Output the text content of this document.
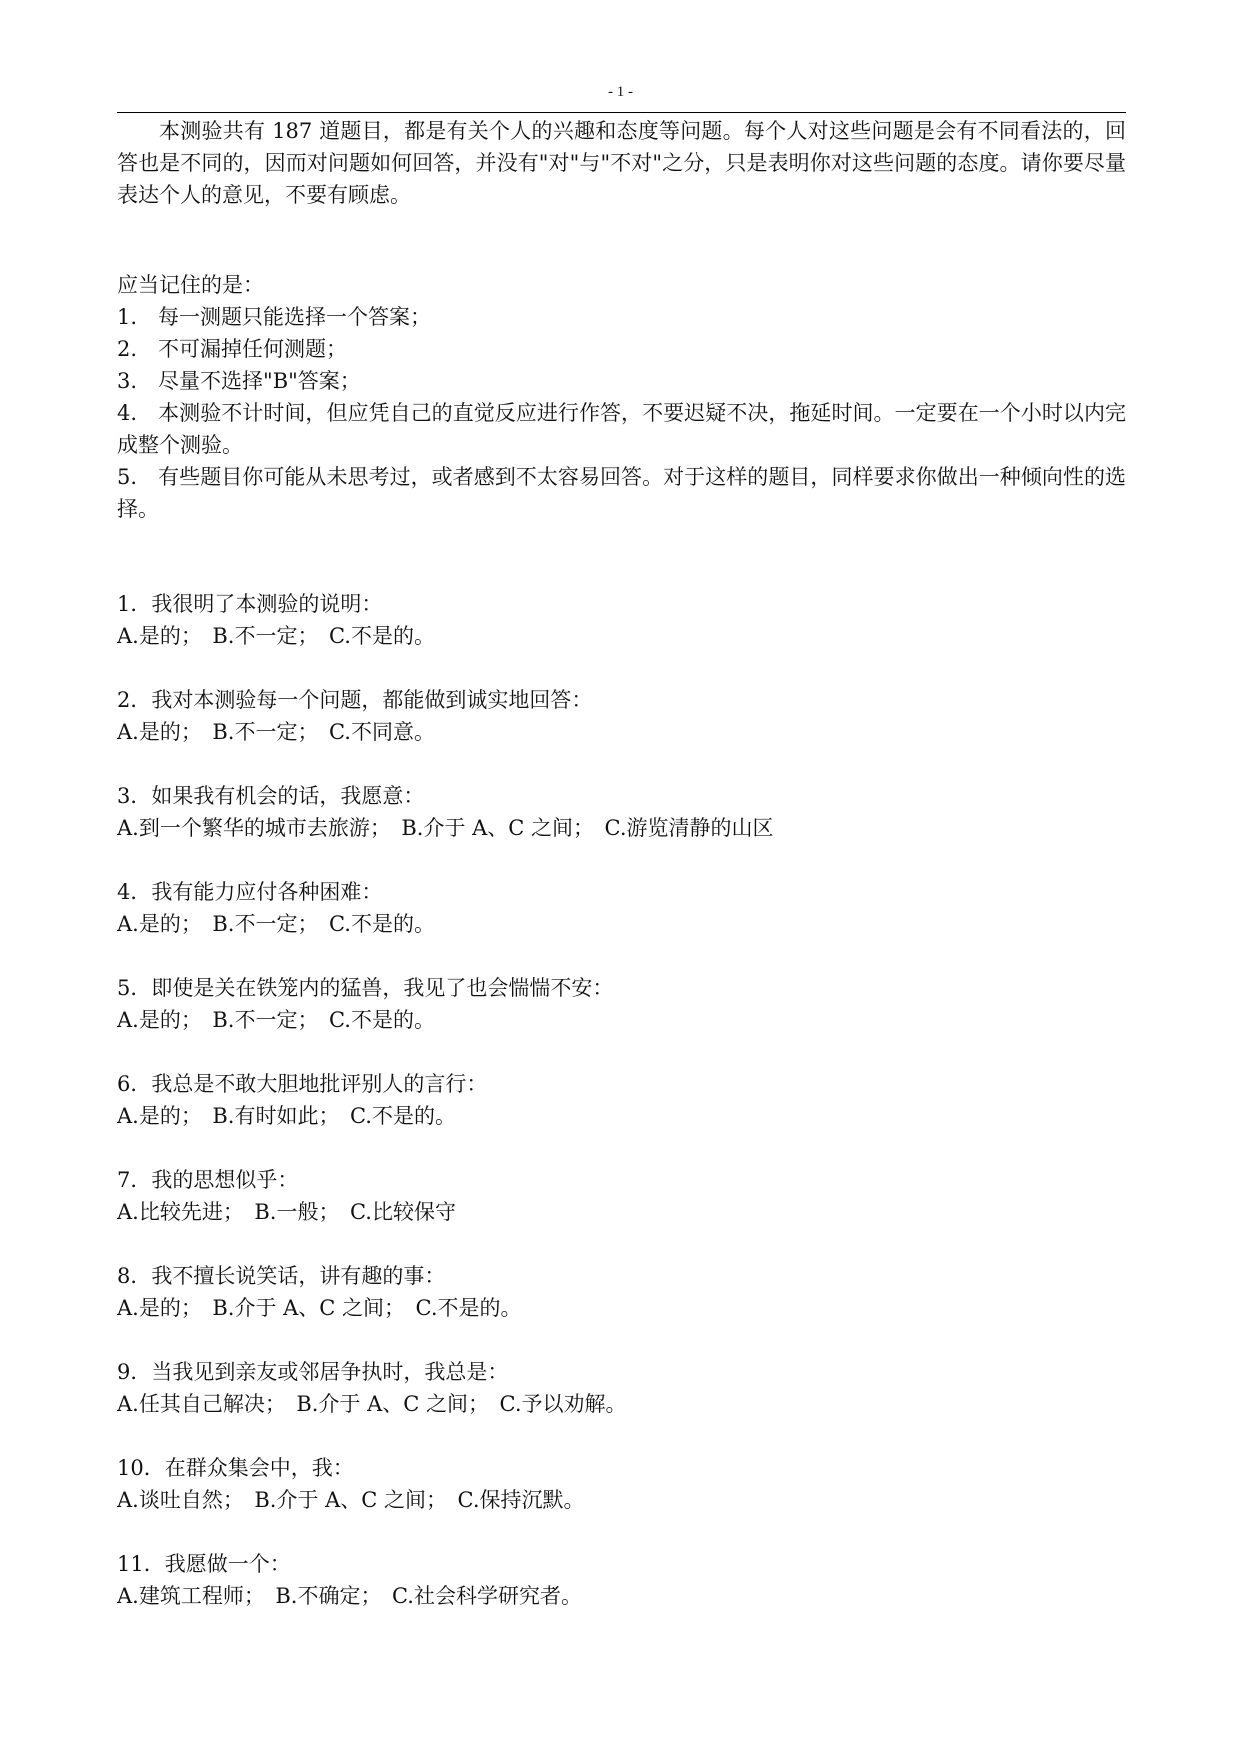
- 1 -

本测验共有 187 道题目，都是有关个人的兴趣和态度等问题。每个人对这些问题是会有不同看法的，回答也是不同的，因而对问题如何回答，并没有"对"与"不对"之分，只是表明你对这些问题的态度。请你要尽量表达个人的意见，不要有顾虑。

应当记住的是：
1.　每一测题只能选择一个答案；
2.　不可漏掉任何测题；
3.　尽量不选择"B"答案；

4.　本测验不计时间，但应凭自己的直觉反应进行作答，不要迟疑不决，拖延时间。一定要在一个小时以内完成整个测验。

5.　有些题目你可能从未思考过，或者感到不太容易回答。对于这样的题目，同样要求你做出一种倾向性的选择。

1．我很明了本测验的说明：
A.是的；　B.不一定；　C.不是的。
2．我对本测验每一个问题，都能做到诚实地回答：
A.是的；　B.不一定；　C.不同意。
3．如果我有机会的话，我愿意：
A.到一个繁华的城市去旅游；　B.介于 A、C 之间；　C.游览清静的山区
4．我有能力应付各种困难：
A.是的；　B.不一定；　C.不是的。
5．即使是关在铁笼内的猛兽，我见了也会惴惴不安：
A.是的；　B.不一定；　C.不是的。
6．我总是不敢大胆地批评别人的言行：
A.是的；　B.有时如此；　C.不是的。
7．我的思想似乎：
A.比较先进；　B.一般；　C.比较保守
8．我不擅长说笑话，讲有趣的事：
A.是的；　B.介于 A、C 之间；　C.不是的。
9．当我见到亲友或邻居争执时，我总是：
A.任其自己解决；　B.介于 A、C 之间；　C.予以劝解。
10．在群众集会中，我：
A.谈吐自然；　B.介于 A、C 之间；　C.保持沉默。
11．我愿做一个：
A.建筑工程师；　B.不确定；　C.社会科学研究者。
